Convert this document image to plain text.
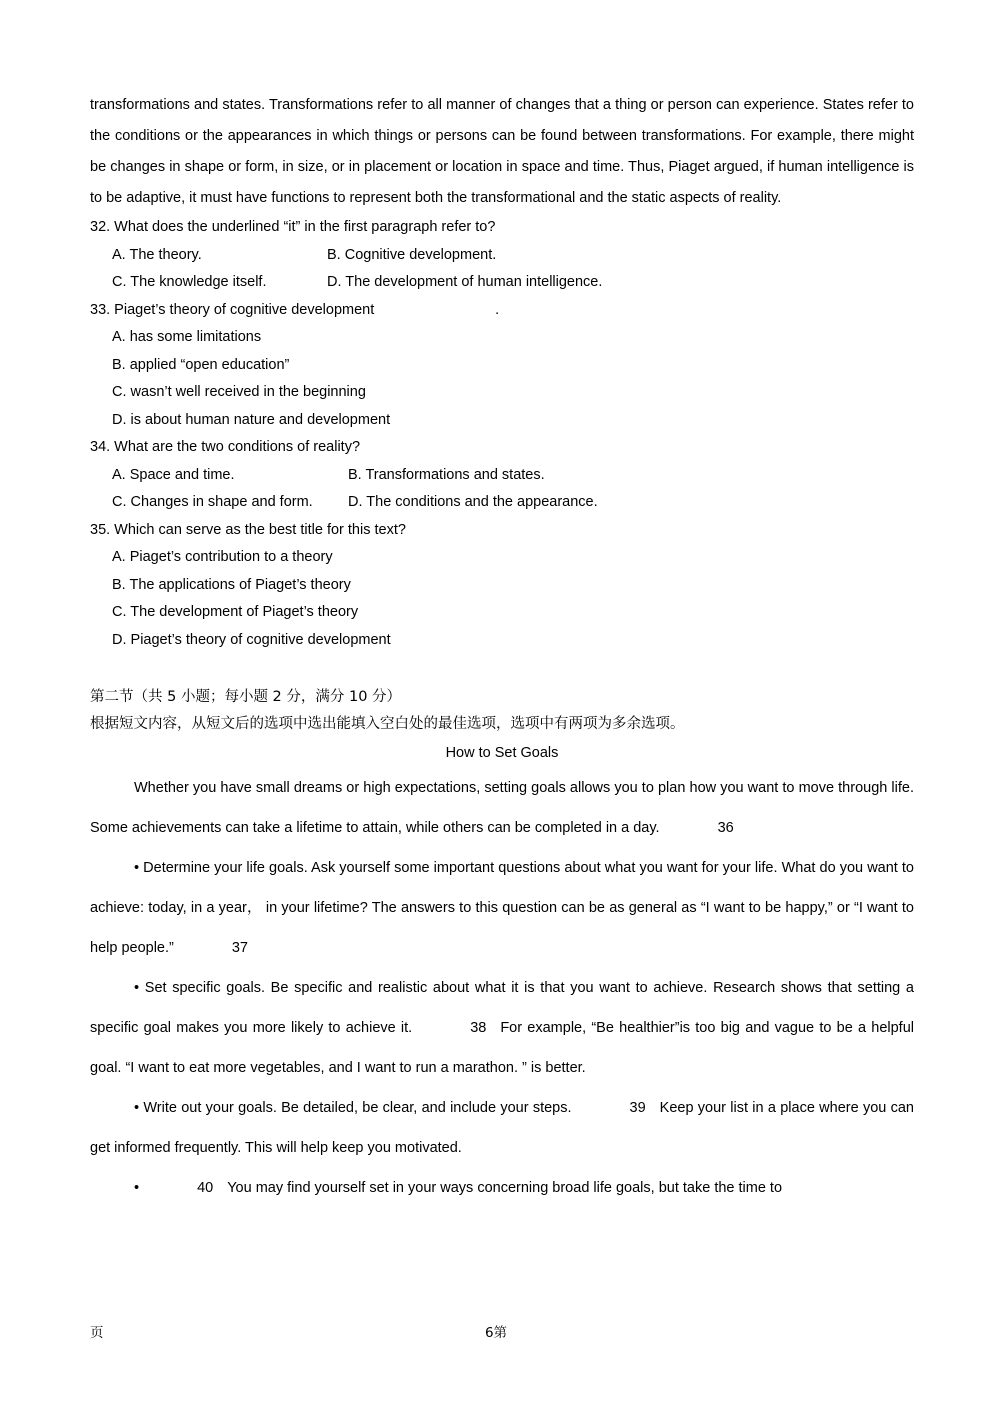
transformations and states. Transformations refer to all manner of changes that a thing or person can experience. States refer to the conditions or the appearances in which things or persons can be found between transformations. For example, there might be changes in shape or form, in size, or in placement or location in space and time. Thus, Piaget argued, if human intelligence is to be adaptive, it must have functions to represent both the transformational and the static aspects of reality.

32. What does the underlined “it” in the first paragraph refer to?

A. The theory.	B. Cognitive development.

C. The knowledge itself.	D. The development of human intelligence.

33. Piaget’s theory of cognitive development                              .

A. has some limitations

B. applied “open education”

C. wasn’t well received in the beginning

D. is about human nature and development

34. What are the two conditions of reality?

A. Space and time.	B. Transformations and states.

C. Changes in shape and form. D. The conditions and the appearance.

35. Which can serve as the best title for this text?

A. Piaget’s contribution to a theory

B. The applications of Piaget’s theory

C. The development of Piaget’s theory

D. Piaget’s theory of cognitive development

第二节（共 5 小题；每小题 2 分，满分 10 分）

根据短文内容，从短文后的选项中选出能填入空白处的最佳选项，选项中有两项为多余选项。

How to Set Goals

Whether you have small dreams or high expectations, setting goals allows you to plan how you want to move through life. Some achievements can take a lifetime to attain, while others can be completed in a day.	36

• Determine your life goals. Ask yourself some important questions about what you want for your life. What do you want to achieve: today, in a year， in your lifetime? The answers to this question can be as general as “I want to be happy,” or “I want to help people.”	37

• Set specific goals. Be specific and realistic about what it is that you want to achieve. Research shows that setting a specific goal makes you more likely to achieve it.	38 For example, “Be healthier”is too big and vague to be a helpful goal. “I want to eat more vegetables, and I want to run a marathon. ” is better.

• Write out your goals. Be detailed, be clear, and include your steps.	39 Keep your list in a place where you can get informed frequently. This will help keep you motivated.

•	40 You may find yourself set in your ways concerning broad life goals, but take the time to

页	6第
